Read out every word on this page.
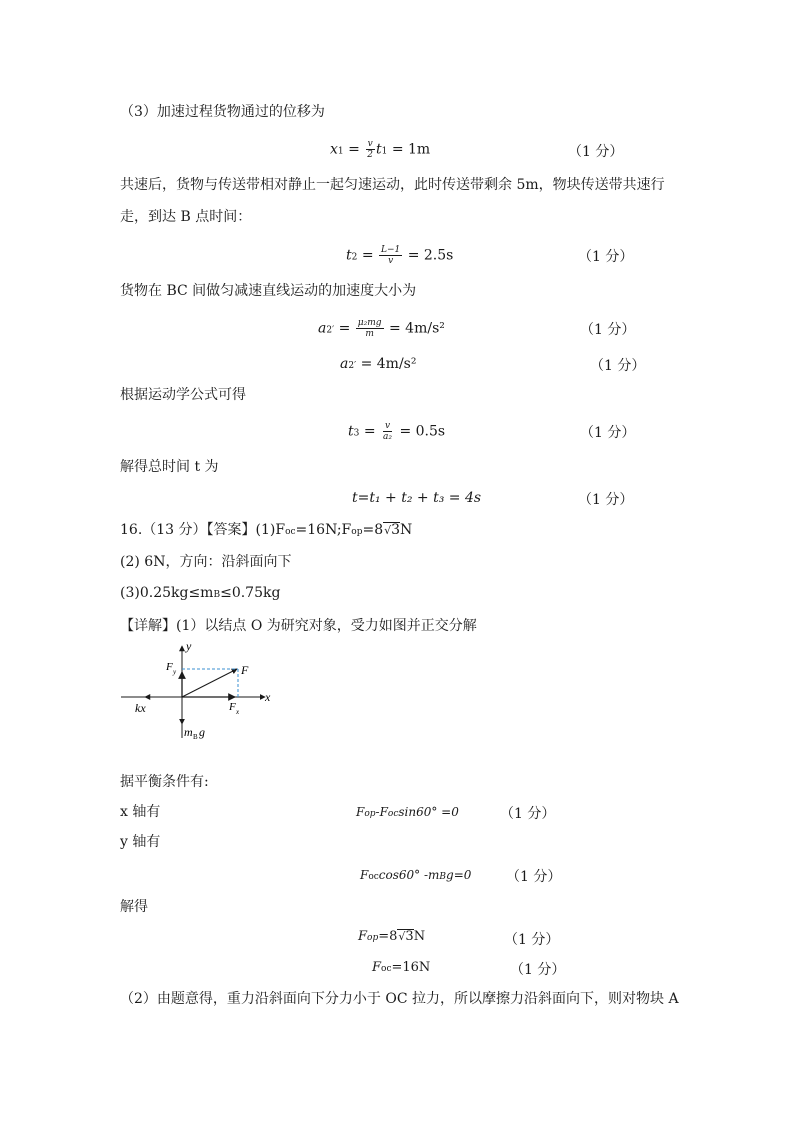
（3）加速过程货物通过的位移为
$x1 = \frac{v}{2} t1 = 1m$	（1 分）
共速后，货物与传送带相对静止一起匀速运动，此时传送带剩余 5m，物块传送带共速行
走，到达 B 点时间：
$t2 = \frac{L-1}{v} = 2.5s$	（1 分）
货物在 BC 间做匀减速直线运动的加速度大小为
$a2' = \frac{\text{μ₂mg}}{m} = 4m/s^2$	（1 分）
a2′ = 4m/s²	（1 分）
根据运动学公式可得
$t3 = \frac{v}{\text{a₂}} = 0.5s$	（1 分）
解得总时间 t 为
t=t₁ + t₂ + t₃ = 4s	（1 分）
16.（13 分）【答案】(1)Foc=16N;Fop=8√3N
(2) 6N，方向：沿斜面向下
(3)0.25kg≤mB≤0.75kg
【详解】(1）以结点 O 为研究对象，受力如图并正交分解
y
x
F
F y
F x
kx
m B g
据平衡条件有:
x 轴有	Fop-Focsin60° =0	（1 分）
y 轴有
Foccos60° -mBg=0 （1 分）
解得
Fop=8√3N	（1 分）
Foc=16N	（1 分）
（2）由题意得，重力沿斜面向下分力小于 OC 拉力，所以摩擦力沿斜面向下，则对物块 A
